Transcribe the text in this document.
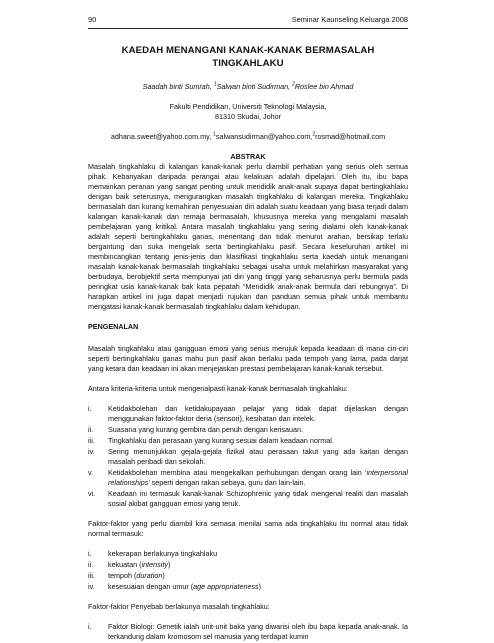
90	Seminar Kaunseling Keluarga 2008
KAEDAH MENANGANI KANAK-KANAK BERMASALAH TINGKAHLAKU
Saadah binti Sumrah, $^1$Salwan binti Sudirman, $^2$Roslee bin Ahmad
Fakulti Pendidikan, Universiti Teknologi Malaysia,
81310 Skudai, Johor
adhana.sweet@yahoo.com.my, $^1$salwansudirman@yahoo.com,$^2$rosmad@hotmail.com
ABSTRAK

Masalah tingkahlaku di kalangan kanak-kanak perlu diambil perhatian yang serius oleh semua pihak. Kebanyakan daripada perangai atau kelakuan adalah dipelajari. Oleh itu, ibu bapa memainkan peranan yang sangat penting untuk mendidik anak-anak supaya dapat bertingkahlaku dengan baik seterusnya, mengurangkan masalah tingkahlaku di kalangan mereka. Tingkahlaku bermasalah dan kurang kemahiran penyesuaian diri adalah suatu keadaan yang biasa terjadi dalam kalangan kanak-kanak dan remaja bermasalah, khususnya mereka yang mengalami masalah pembelajaran yang kritikal. Antara masalah tingkahlaku yang sering dialami oleh kanak-kanak adalah seperti bertingkahlaku ganas, menentang dan tidak menurut arahan, bersikap terlalu bergantung dan suka mengelak serta bertingkahlaku pasif. Secara keseluruhan artikel ini membincangkan tentang jenis-jenis dan klasifikasi tingkahlaku serta kaedah untuk menangani masalah kanak-kanak bermasalah tingkahlaku sebagai usaha untuk melahirkan masyarakat yang berbudaya, berobjektif serta mempunyai jati diri yang tinggi yang seharusnya perlu bermula pada peringkat usia kanak-kanak bak kata pepatah “Mendidik anak-anak bermula dari rebungnya”. Di harapkan artikel ini juga dapat menjadi rujukan dan panduan semua pihak untuk membantu mengatasi kanak-kanak bermasalah tingkahlaku dalam kehidupan.

PENGENALAN

Masalah tingkahlaku atau gangguan emosi yang serius merujuk kepada keadaan di mana ciri-ciri seperti bertingkahlaku ganas mahu pun pasif akan berlaku pada tempoh yang lama, pada darjat yang ketara dan keadaan ini akan menjejaskan prestasi pembelajaran kanak-kanak tersebut.

Antara kriteria-kriteria untuk mengenalpasti kanak-kanak bermasalah tingkahlaku:

i. Ketidakbolehan dan ketidakupayaan pelajar yang tidak dapat dijelaskan dengan menggunakan faktor-faktor deria (sensori), kesihatan dan intelek.
ii. Suasana yang kurang gembira dan penuh dengan kerisauan.
iii. Tingkahlaku dan perasaan yang kurang sesuai dalam keadaan normal.
iv. Sering menunjukkan gejala-gejala fizikal atau perasaan takut yang ada kaitan dengan masalah peribadi dan sekolah.
v. Ketidakbolehan membina atau mengekalkan perhubungan dengan orang lain ‘interpersonal relationships’ seperti dengan rakan sebaya, guru dan lain-lain.
vi. Keadaan ini termasuk kanak-kanak Schizophrenic yang tidak mengenal realiti dan masalah sosial akibat gangguan emosi yang teruk.

Faktor-faktor yang perlu diambil kira semasa menilai sama ada tingkahlaku itu normal atau tidak normal termasuk:

i. kekerapan berlakunya tingkahlaku
ii. kekuatan (intensity)
iii. tempoh (duration)
iv. kesesuaian dengan umur (age appropriateness)

Faktor-faktor Penyebab berlakunya masalah tingkahlaku:

i. Faktor Biologi: Genetik ialah unit-unit baka yang diwarisi oleh ibu bapa kepada anak-anak. Ia terkandung dalam kromosom sel manusia yang terdapat kumin
